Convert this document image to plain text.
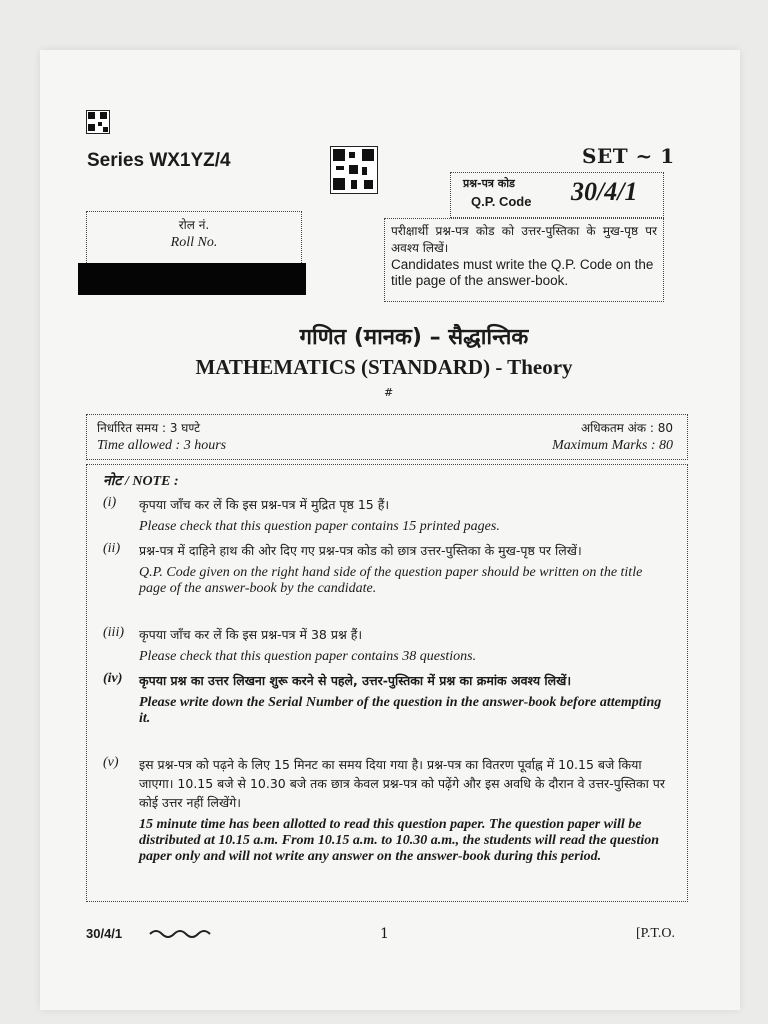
Series WX1YZ/4	SET ~ 1
प्रश्न-पत्र कोड
Q.P. Code 30/4/1
रोल नं.
Roll No.
परीक्षार्थी प्रश्न-पत्र कोड को उत्तर-पुस्तिका के मुख-पृष्ठ पर अवश्य लिखें।
Candidates must write the Q.P. Code on the title page of the answer-book.
गणित (मानक) – सैद्धान्तिक
MATHEMATICS (STANDARD) - Theory
#
निर्धारित समय : 3 घण्टे
Time allowed : 3 hours
अधिकतम अंक : 80
Maximum Marks : 80
नोट / NOTE :
(i) कृपया जाँच कर लें कि इस प्रश्न-पत्र में मुद्रित पृष्ठ 15 हैं।
Please check that this question paper contains 15 printed pages.
(ii) प्रश्न-पत्र में दाहिने हाथ की ओर दिए गए प्रश्न-पत्र कोड को छात्र उत्तर-पुस्तिका के मुख-पृष्ठ पर लिखें।
Q.P. Code given on the right hand side of the question paper should be written on the title page of the answer-book by the candidate.
(iii) कृपया जाँच कर लें कि इस प्रश्न-पत्र में 38 प्रश्न हैं।
Please check that this question paper contains 38 questions.
(iv) कृपया प्रश्न का उत्तर लिखना शुरू करने से पहले, उत्तर-पुस्तिका में प्रश्न का क्रमांक अवश्य लिखें।
Please write down the Serial Number of the question in the answer-book before attempting it.
(v) इस प्रश्न-पत्र को पढ़ने के लिए 15 मिनट का समय दिया गया है। प्रश्न-पत्र का वितरण पूर्वाह्न में 10.15 बजे किया जाएगा। 10.15 बजे से 10.30 बजे तक छात्र केवल प्रश्न-पत्र को पढ़ेंगे और इस अवधि के दौरान वे उत्तर-पुस्तिका पर कोई उत्तर नहीं लिखेंगे।
15 minute time has been allotted to read this question paper. The question paper will be distributed at 10.15 a.m. From 10.15 a.m. to 10.30 a.m., the students will read the question paper only and will not write any answer on the answer-book during this period.
30/4/1	1	[P.T.O.
